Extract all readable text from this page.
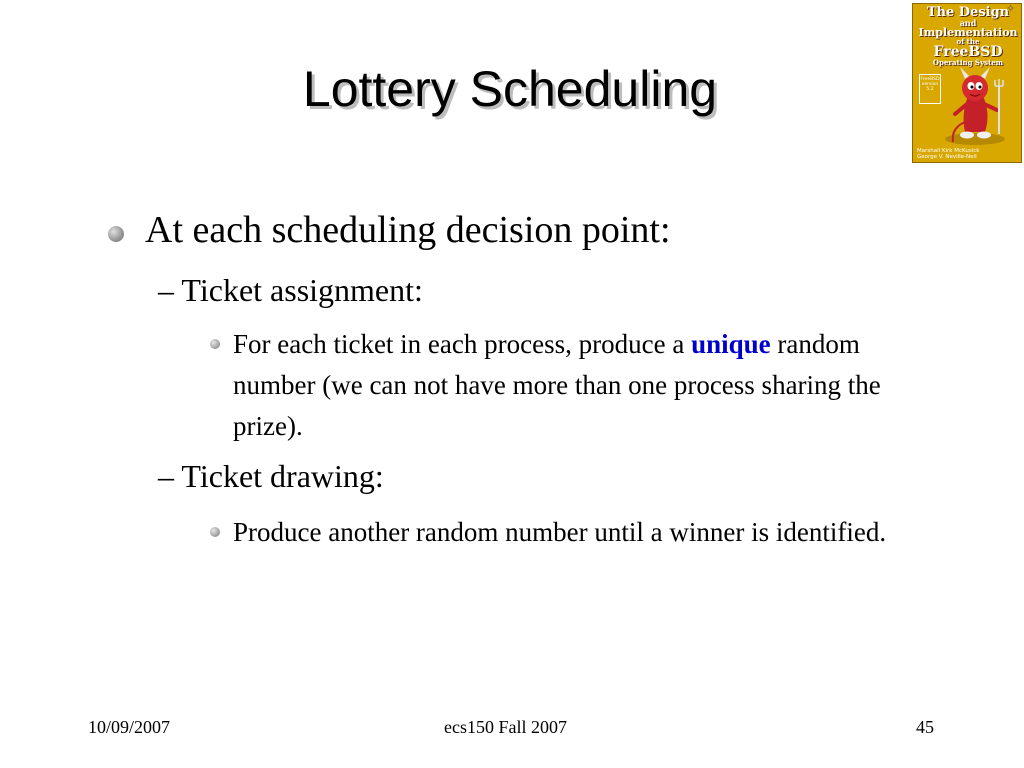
Lottery Scheduling
The Design
and
Implementation
of the
FreeBSD
Operating System
FreeBSD version 5.2
Marshall Kirk McKusick
George V. Neville-Neil
✧
At each scheduling decision point:
– Ticket assignment:
For each ticket in each process, produce a unique random number (we can not have more than one process sharing the prize).
– Ticket drawing:
Produce another random number until a winner is identified.
10/09/2007	ecs150 Fall 2007	45
